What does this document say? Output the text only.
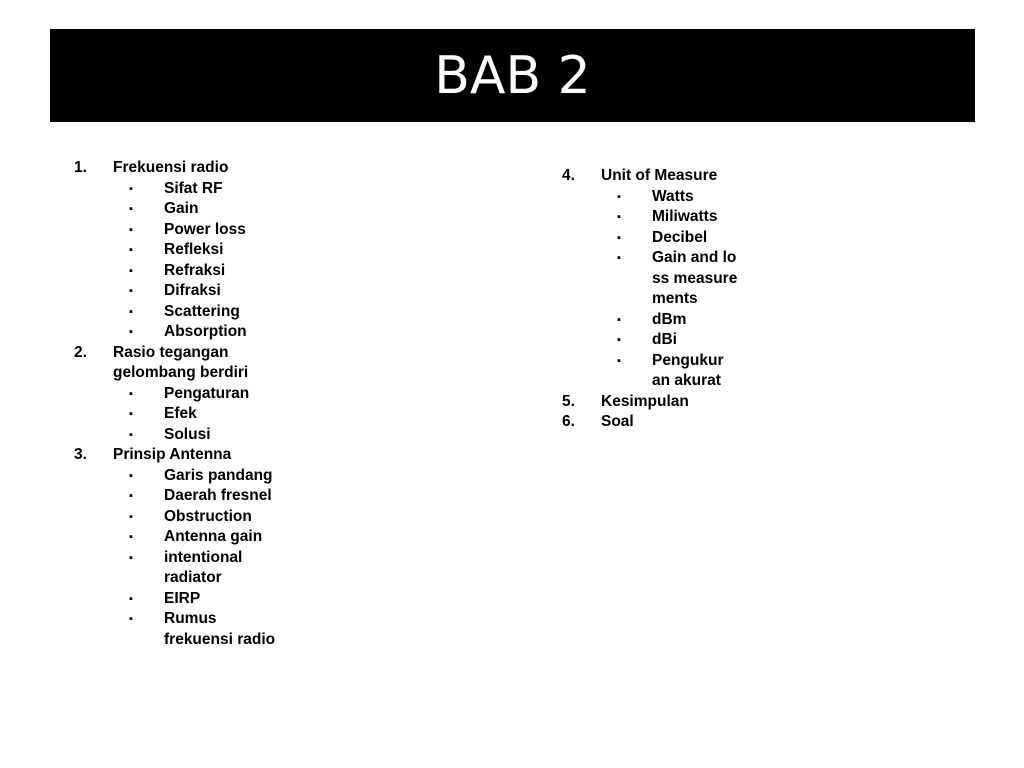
BAB 2
1. Frekuensi radio
▪ Sifat RF
▪ Gain
▪ Power loss
▪ Refleksi
▪ Refraksi
▪ Difraksi
▪ Scattering
▪ Absorption
2. Rasio tegangan gelombang berdiri
▪ Pengaturan
▪ Efek
▪ Solusi
3. Prinsip Antenna
▪ Garis pandang
▪ Daerah fresnel
▪ Obstruction
▪ Antenna gain
▪ intentional radiator
▪ EIRP
▪ Rumus frekuensi radio
4. Unit of Measure
▪ Watts
▪ Miliwatts
▪ Decibel
▪ Gain and loss measurements
▪ dBm
▪ dBi
▪ Pengukuran akurat
5. Kesimpulan
6. Soal
